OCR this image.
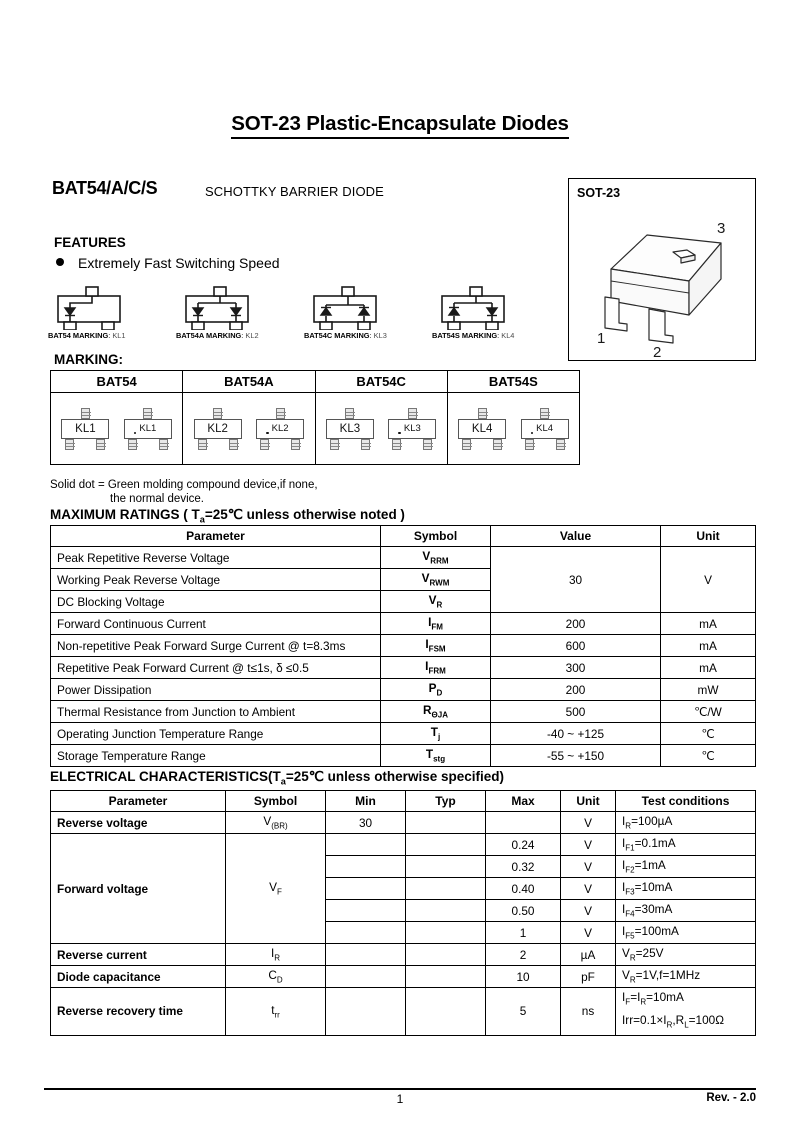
SOT-23 Plastic-Encapsulate Diodes
BAT54/A/C/S	SCHOTTKY BARRIER DIODE	SOT-23
3
1
2
FEATURES
Extremely Fast Switching Speed
BAT54 MARKING: KL1	BAT54A MARKING: KL2	BAT54C MARKING: KL3	BAT54S MARKING: KL4
MARKING:
BAT54	BAT54A	BAT54C	BAT54S

KL1	KL1	KL2	KL2	KL3	KL3	KL4	KL4
Solid dot = Green molding compound device,if none,
the normal device.
MAXIMUM RATINGS ( $T_a=25℃$ unless otherwise noted )
Parameter	Symbol	Value	Unit
Peak Repetitive Reverse Voltage	$V_{RRM}$	30	V
Working Peak Reverse Voltage	$V_{RWM}$
DC Blocking Voltage	$V_R$
Forward Continuous Current	$I_{FM}$	200	mA
Non-repetitive Peak Forward Surge Current @ t=8.3ms	$I_{FSM}$	600	mA
Repetitive Peak Forward Current @ t≤1s, δ ≤0.5	$I_{FRM}$	300	mA
Power Dissipation	$P_D$	200	mW
Thermal Resistance from Junction to Ambient	$R_{\Theta JA}$	500	℃/W
Operating Junction Temperature Range	$T_j$	-40 ~ +125	℃
Storage Temperature Range	$T_{stg}$	-55 ~ +150	℃
ELECTRICAL $CHARACTERISTICS(T_a=25℃$ unless otherwise specified)
Parameter	Symbol	Min	Typ	Max	Unit	Test conditions
Reverse voltage	$V_{(BR)}$	30			V	$I_R=100\mu A$
Forward voltage	$V_F$			0.24	V	$I_{F1}=0.1mA$
				0.32	V	$I_{F2}=1mA$
				0.40	V	$I_{F3}=10mA$
				0.50	V	$I_{F4}=30mA$
				1	V	$I_{F5}=100mA$
Reverse current	$I_R$			2	µA	$V_R=25V$
Diode capacitance	$C_D$			10	pF	$V_R=1V,f=1MHz$
Reverse recovery time	$t_{rr}$			5	ns	$I_F=I_R=10mA$
$Irr=0.1\times I_R,R_L=100\Omega$
1	Rev. - 2.0
